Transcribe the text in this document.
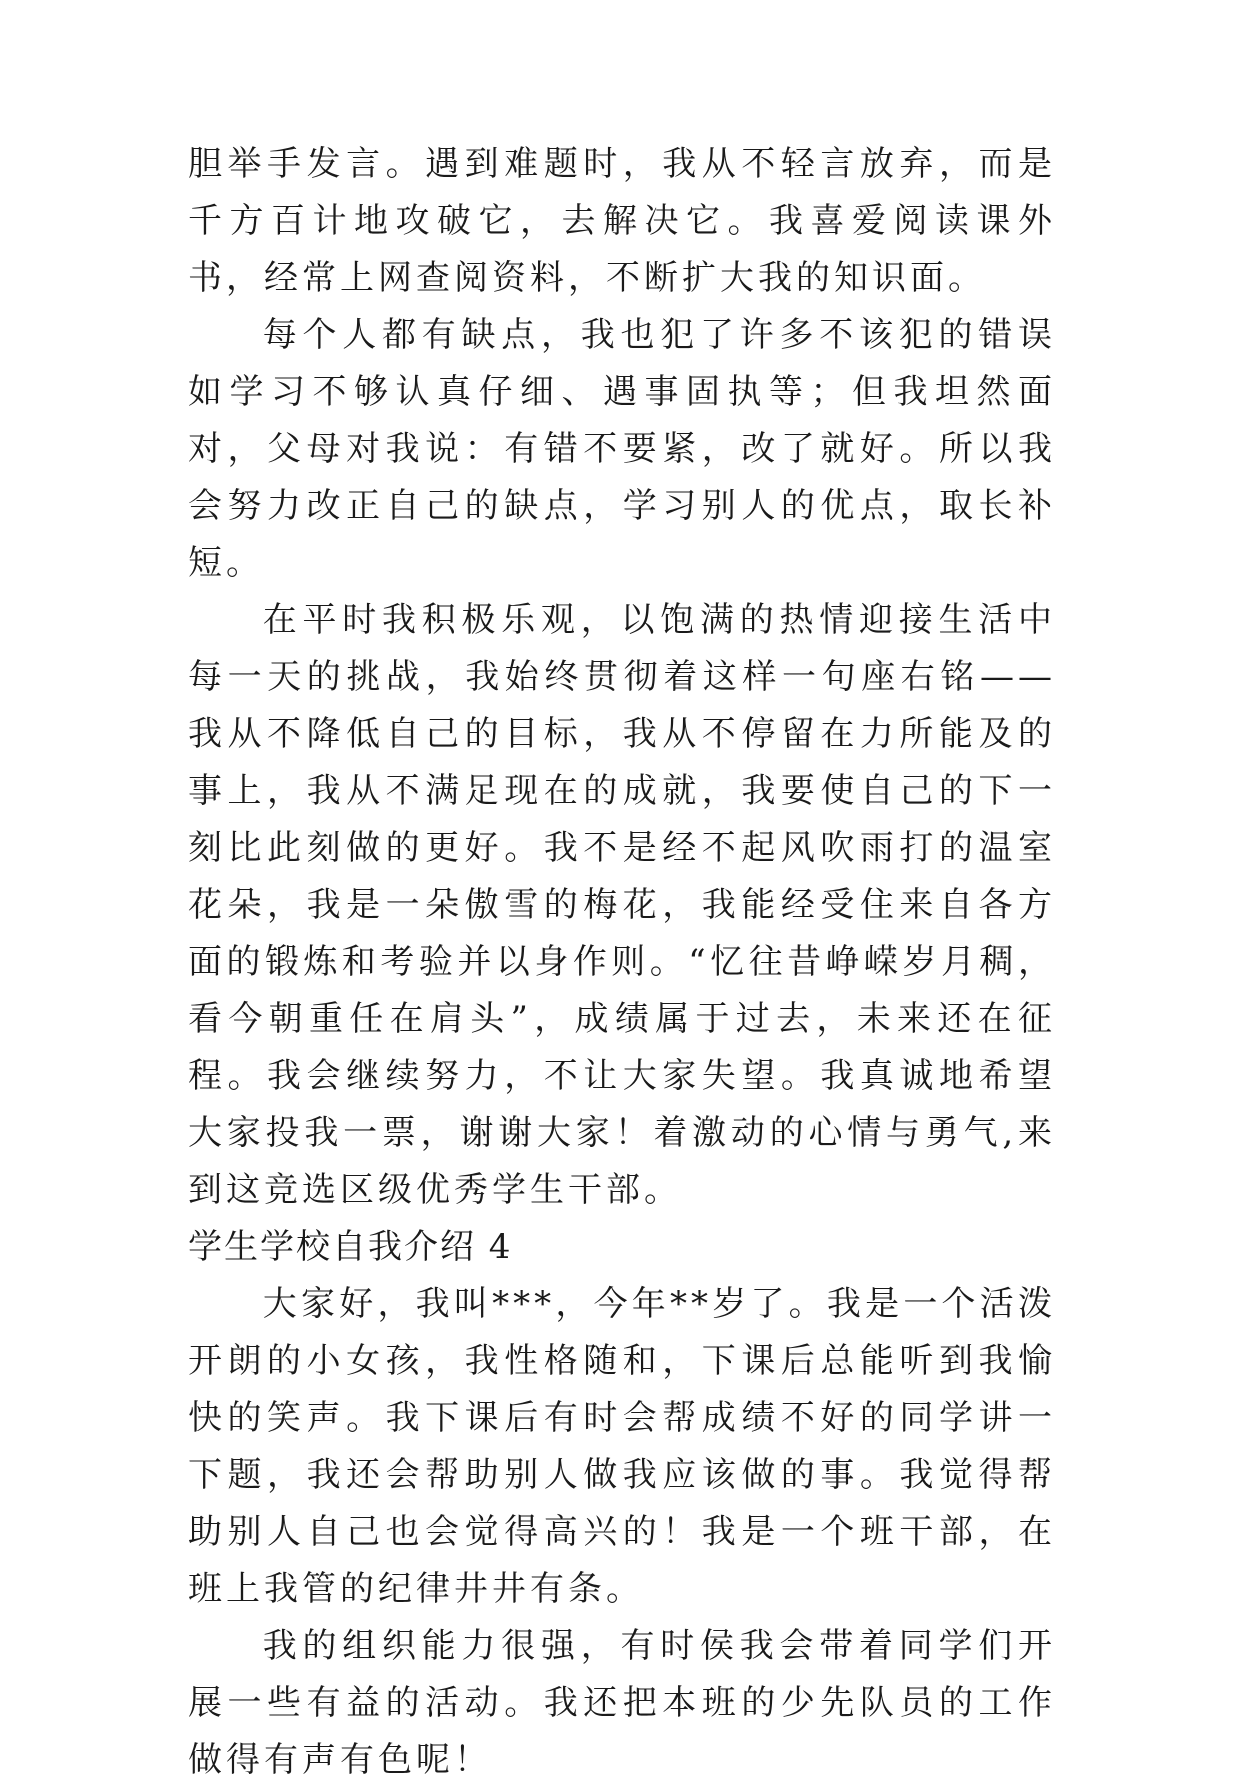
胆举手发言。遇到难题时，我从不轻言放弃，而是千方百计地攻破它，去解决它。我喜爱阅读课外书，经常上网查阅资料，不断扩大我的知识面。

每个人都有缺点，我也犯了许多不该犯的错误如学习不够认真仔细、遇事固执等；但我坦然面对，父母对我说：有错不要紧，改了就好。所以我会努力改正自己的缺点，学习别人的优点，取长补短。

在平时我积极乐观，以饱满的热情迎接生活中每一天的挑战，我始终贯彻着这样一句座右铭——我从不降低自己的目标，我从不停留在力所能及的事上，我从不满足现在的成就，我要使自己的下一刻比此刻做的更好。我不是经不起风吹雨打的温室花朵，我是一朵傲雪的梅花，我能经受住来自各方面的锻炼和考验并以身作则。“忆往昔峥嵘岁月稠，看今朝重任在肩头”，成绩属于过去，未来还在征程。我会继续努力，不让大家失望。我真诚地希望大家投我一票，谢谢大家！着激动的心情与勇气,来到这竞选区级优秀学生干部。

学生学校自我介绍 4

大家好，我叫***，今年**岁了。我是一个活泼开朗的小女孩，我性格随和，下课后总能听到我愉快的笑声。我下课后有时会帮成绩不好的同学讲一下题，我还会帮助别人做我应该做的事。我觉得帮助别人自己也会觉得高兴的！我是一个班干部，在班上我管的纪律井井有条。

我的组织能力很强，有时侯我会带着同学们开展一些有益的活动。我还把本班的少先队员的工作做得有声有色呢！
